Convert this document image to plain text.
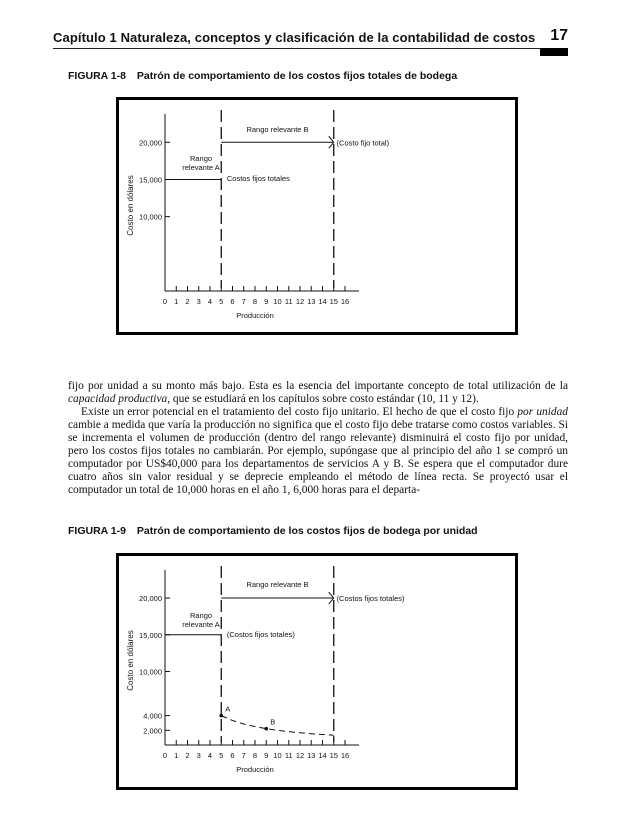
Capítulo 1 Naturaleza, conceptos y clasificación de la contabilidad de costos 17
FIGURA 1-8 Patrón de comportamiento de los costos fijos totales de bodega
0 1 2 3 4 5 6 7 8 9 10 11 12 13 14 15 16
10,000
15,000
20,000
Producción
Costo en dólares
Rango
relevante A
Rango relevante B
Costos fijos totales
(Costo fijo total)

fijo por unidad a su monto más bajo. Esta es la esencia del importante concepto de total utilización de la capacidad productiva, que se estudiará en los capítulos sobre costo estándar (10, 11 y 12).

Existe un error potencial en el tratamiento del costo fijo unitario. El hecho de que el costo fijo por unidad cambie a medida que varía la producción no significa que el costo fijo debe tratarse como costos variables. Si se incrementa el volumen de producción (dentro del rango relevante) disminuirá el costo fijo por unidad, pero los costos fijos totales no cambiarán. Por ejemplo, supóngase que al principio del año 1 se compró un computador por US$40,000 para los departamentos de servicios A y B. Se espera que el computador dure cuatro años sin valor residual y se deprecie empleando el método de línea recta. Se proyectó usar el computador un total de 10,000 horas en el año 1, 6,000 horas para el departa-

FIGURA 1-9 Patrón de comportamiento de los costos fijos de bodega por unidad
0 1 2 3 4 5 6 7 8 9 10 11 12 13 14 15 16
2,000
4,000
10,000
15,000
20,000
Producción
Costo en dólares
A
B
Rango
relevante A
Rango relevante B
(Costos fijos totales)
(Costos fijos totales)
